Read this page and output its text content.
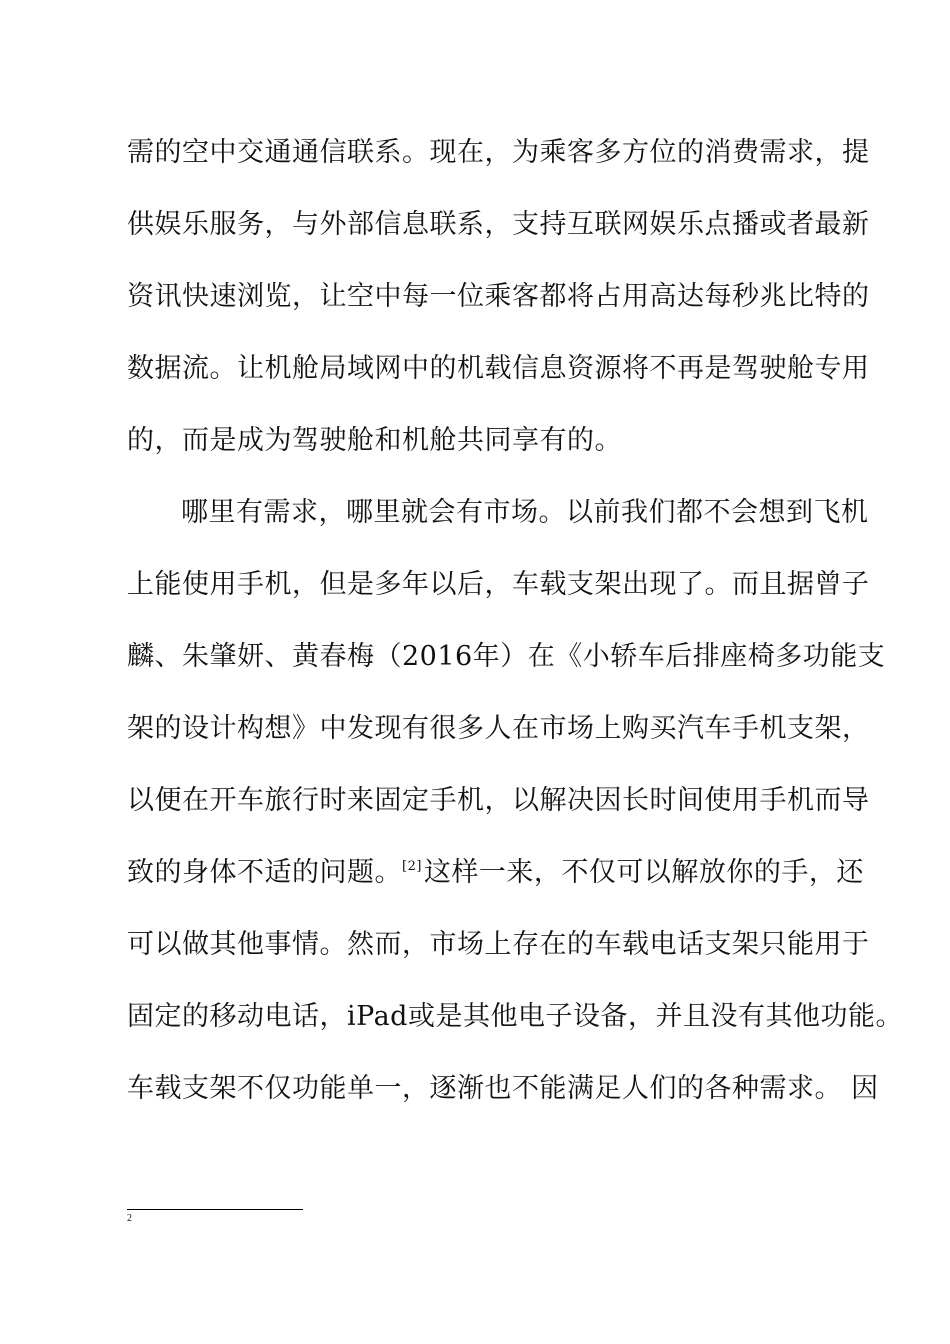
需的空中交通通信联系。现在，为乘客多方位的消费需求，提
供娱乐服务，与外部信息联系，支持互联网娱乐点播或者最新
资讯快速浏览，让空中每一位乘客都将占用高达每秒兆比特的
数据流。让机舱局域网中的机载信息资源将不再是驾驶舱专用
的，而是成为驾驶舱和机舱共同享有的。
哪里有需求，哪里就会有市场。以前我们都不会想到飞机
上能使用手机，但是多年以后，车载支架出现了。而且据曾子
麟、朱肇妍、黄春梅（2016年）在《小轿车后排座椅多功能支
架的设计构想》中发现有很多人在市场上购买汽车手机支架，
以便在开车旅行时来固定手机，以解决因长时间使用手机而导
致的身体不适的问题。[2]这样一来，不仅可以解放你的手，还
可以做其他事情。然而，市场上存在的车载电话支架只能用于
固定的移动电话，iPad或是其他电子设备，并且没有其他功能。
车载支架不仅功能单一，逐渐也不能满足人们的各种需求。 因
2
